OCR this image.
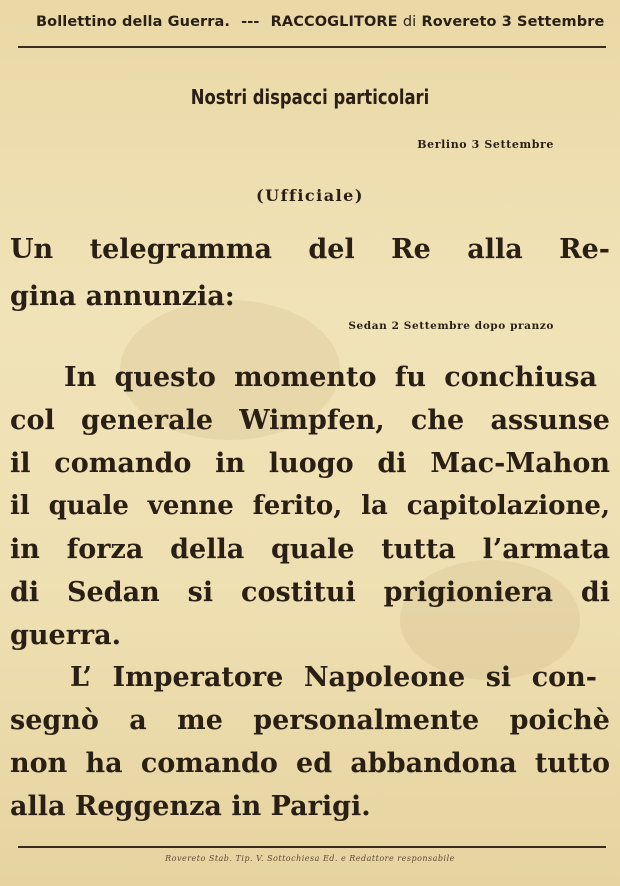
Bollettino della Guerra. --- RACCOGLITORE di Rovereto 3 Settembre
Nostri dispacci particolari
Berlino 3 Settembre
(Ufficiale)
Un telegramma del Re alla Re-
gina annunzia:
Sedan 2 Settembre dopo pranzo
In questo momento fu conchiusa
col generale Wimpfen, che assunse
il comando in luogo di Mac-Mahon
il quale venne ferito, la capitolazione,
in forza della quale tutta l’armata
di Sedan si costitui prigioniera di
guerra.
L’ Imperatore Napoleone si con-
segnò a me personalmente poichè
non ha comando ed abbandona tutto
alla Reggenza in Parigi.
Rovereto Stab. Tip. V. Sottochiesa Ed. e Redattore responsabile
